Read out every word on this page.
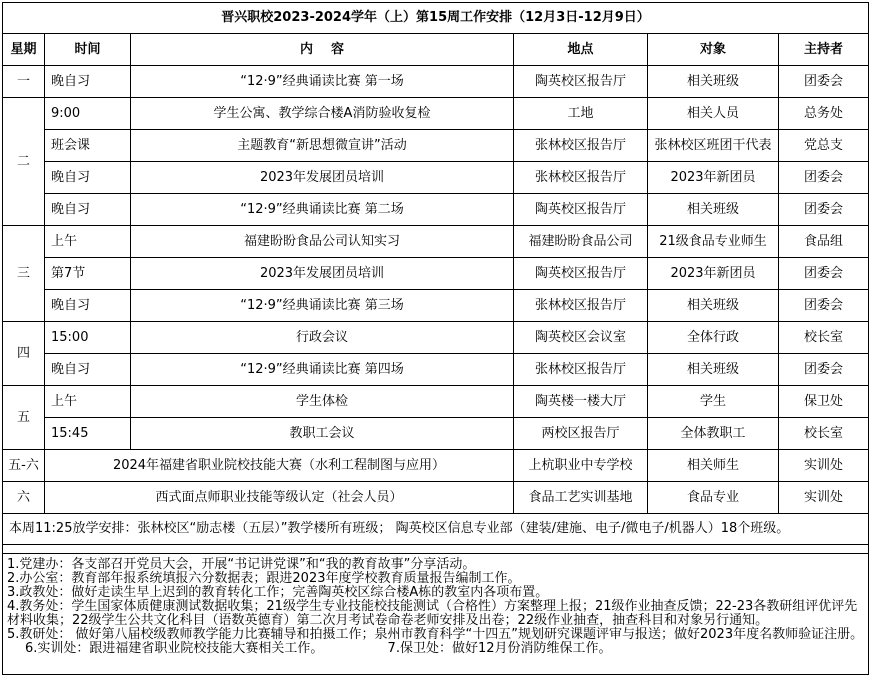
晋兴职校2023-2024学年（上）第15周工作安排（12月3日-12月9日）					
星期	时间	内    容	地点	对象	主持者
一	晚自习	“12·9”经典诵读比赛 第一场	陶英校区报告厅	相关班级	团委会
二	9:00	学生公寓、教学综合楼A消防验收复检	工地	相关人员	总务处
	班会课	主题教育“新思想微宣讲”活动	张林校区报告厅	张林校区班团干代表	党总支
	晚自习	2023年发展团员培训	张林校区报告厅	2023年新团员	团委会
	晚自习	“12·9”经典诵读比赛 第二场	陶英校区报告厅	相关班级	团委会
三	上午	福建盼盼食品公司认知实习	福建盼盼食品公司	21级食品专业师生	食品组
	第7节	2023年发展团员培训	陶英校区报告厅	2023年新团员	团委会
	晚自习	“12·9”经典诵读比赛 第三场	张林校区报告厅	相关班级	团委会
四	15:00	行政会议	陶英校区会议室	全体行政	校长室
	晚自习	“12·9”经典诵读比赛 第四场	张林校区报告厅	相关班级	团委会
五	上午	学生体检	陶英楼一楼大厅	学生	保卫处
	15:45	教职工会议	两校区报告厅	全体教职工	校长室
五-六	2024年福建省职业院校技能大赛（水利工程制图与应用）		上杭职业中专学校	相关师生	实训处
六	西式面点师职业技能等级认定（社会人员）		食品工艺实训基地	食品专业	实训处
本周11:25放学安排：张林校区“励志楼（五层）”教学楼所有班级； 陶英校区信息专业部（建装/建施、电子/微电子/机器人）18个班级。					

1.党建办：各支部召开党员大会，开展“书记讲党课”和“我的教育故事”分享活动。

2.办公室：教育部年报系统填报六分数据表；跟进2023年度学校教育质量报告编制工作。

3.政教处：做好走读生早上迟到的教育转化工作；完善陶英校区综合楼A栋的教室内各项布置。

4.教务处：学生国家体质健康测试数据收集；21级学生专业技能校技能测试（合格性）方案整理上报；21级作业抽查反馈；22-23各教研组评优评先材料收集；22级学生公共文化科目（语数英德育）第二次月考试卷命卷老师安排及出卷；22级作业抽查，抽查科目和对象另行通知。

5.教研处： 做好第八届校级教师教学能力比赛辅导和拍摄工作；泉州市教育科学“十四五”规划研究课题评审与报送；做好2023年度名教师验证注册。 6.实训处：跟进福建省职业院校技能大赛相关工作。 7.保卫处：做好12月份消防维保工作。					
